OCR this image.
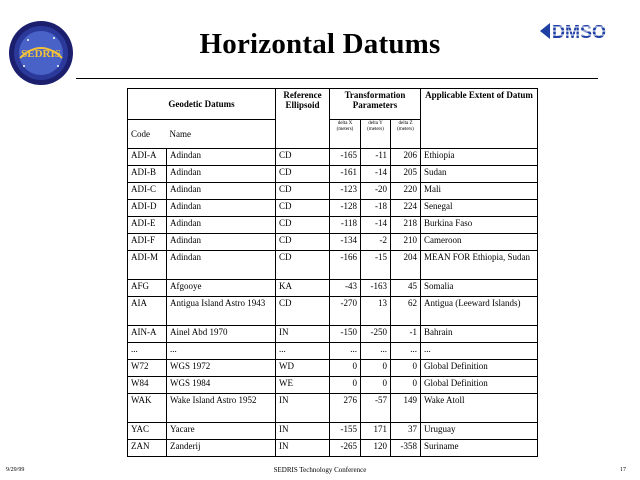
SEDRIS
DMSO
Horizontal Datums
Geodetic Datums		Reference Ellipsoid	Transformation Parameters			Applicable Extent of Datum
Code	Name		delta X (meters)	delta Y (meters)	delta Z (meters)	
ADI-A	Adindan	CD	-165	-11	206	Ethiopia
ADI-B	Adindan	CD	-161	-14	205	Sudan
ADI-C	Adindan	CD	-123	-20	220	Mali
ADI-D	Adindan	CD	-128	-18	224	Senegal
ADI-E	Adindan	CD	-118	-14	218	Burkina Faso
ADI-F	Adindan	CD	-134	-2	210	Cameroon
ADI-M	Adindan	CD	-166	-15	204	MEAN FOR Ethiopia, Sudan
AFG	Afgooye	KA	-43	-163	45	Somalia
AIA	Antigua Island Astro 1943	CD	-270	13	62	Antigua (Leeward Islands)
AIN-A	Ainel Abd 1970	IN	-150	-250	-1	Bahrain
...	...	...	...	...	...	...
W72	WGS 1972	WD	0	0	0	Global Definition
W84	WGS 1984	WE	0	0	0	Global Definition
WAK	Wake Island Astro 1952	IN	276	-57	149	Wake Atoll
YAC	Yacare	IN	-155	171	37	Uruguay
ZAN	Zanderij	IN	-265	120	-358	Suriname
9/29/99	SEDRIS Technology Conference	17
